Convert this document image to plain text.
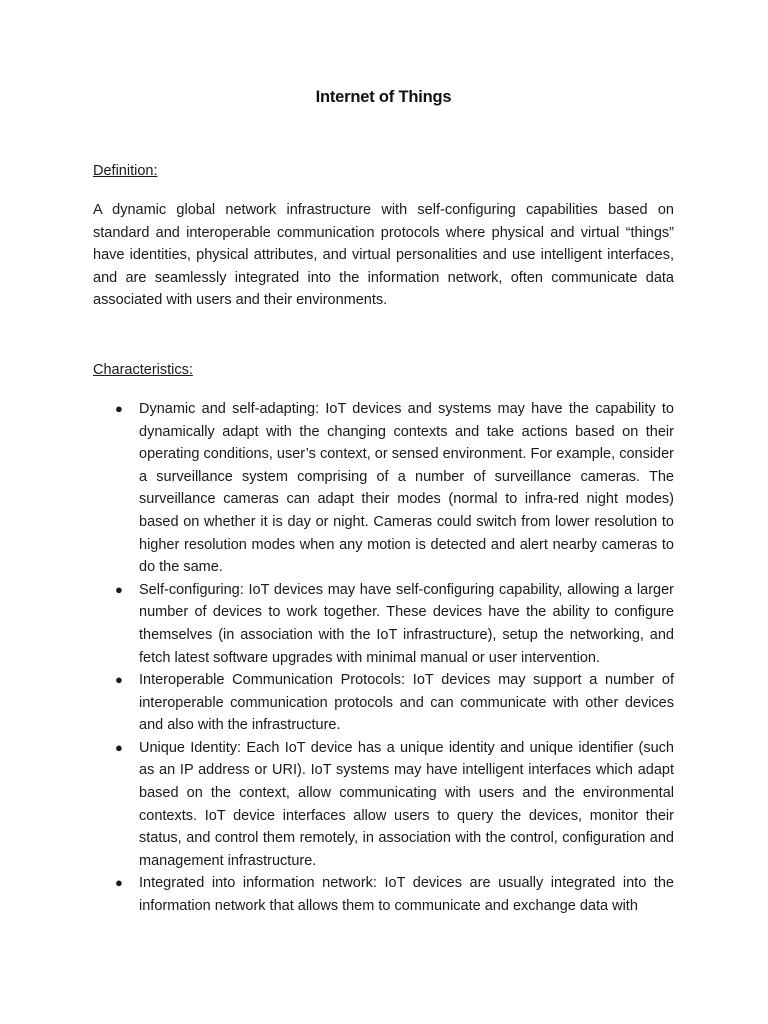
Internet of Things
Definition:

A dynamic global network infrastructure with self-configuring capabilities based on standard and interoperable communication protocols where physical and virtual “things” have identities, physical attributes, and virtual personalities and use intelligent interfaces, and are seamlessly integrated into the information network, often communicate data associated with users and their environments.

Characteristics:
● Dynamic and self-adapting: IoT devices and systems may have the capability to dynamically adapt with the changing contexts and take actions based on their operating conditions, user’s context, or sensed environment. For example, consider a surveillance system comprising of a number of surveillance cameras. The surveillance cameras can adapt their modes (normal to infra-red night modes) based on whether it is day or night. Cameras could switch from lower resolution to higher resolution modes when any motion is detected and alert nearby cameras to do the same.
● Self-configuring: IoT devices may have self-configuring capability, allowing a larger number of devices to work together. These devices have the ability to configure themselves (in association with the IoT infrastructure), setup the networking, and fetch latest software upgrades with minimal manual or user intervention.
● Interoperable Communication Protocols: IoT devices may support a number of interoperable communication protocols and can communicate with other devices and also with the infrastructure.
● Unique Identity: Each IoT device has a unique identity and unique identifier (such as an IP address or URI). IoT systems may have intelligent interfaces which adapt based on the context, allow communicating with users and the environmental contexts. IoT device interfaces allow users to query the devices, monitor their status, and control them remotely, in association with the control, configuration and management infrastructure.
● Integrated into information network: IoT devices are usually integrated into the information network that allows them to communicate and exchange data with
